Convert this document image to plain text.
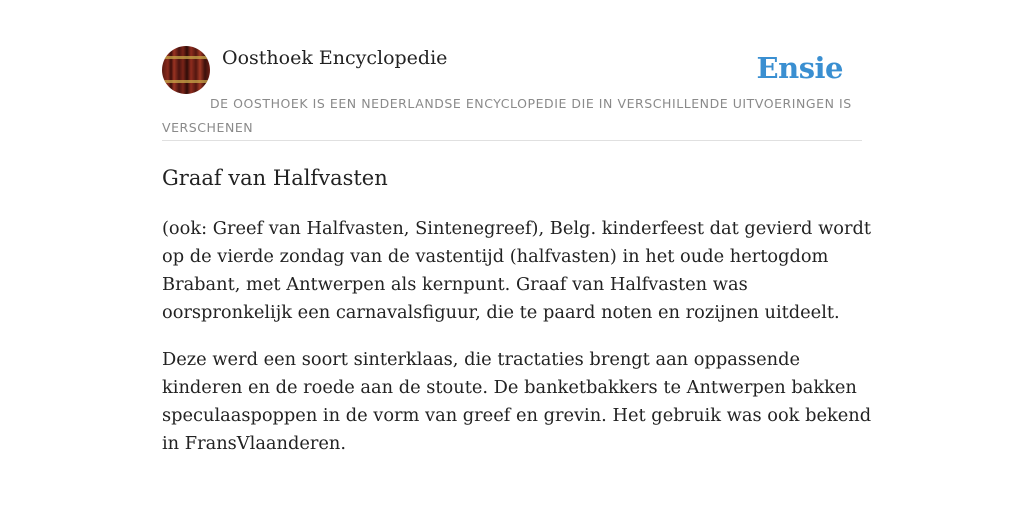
Oosthoek Encyclopedie	Ensie

DE OOSTHOEK IS EEN NEDERLANDSE ENCYCLOPEDIE DIE IN VERSCHILLENDE UITVOERINGEN IS VERSCHENEN

Graaf van Halfvasten

(ook: Greef van Halfvasten, Sintenegreef), Belg. kinderfeest dat gevierd wordt op de vierde zondag van de vastentijd (halfvasten) in het oude hertogdom Brabant, met Antwerpen als kernpunt. Graaf van Halfvasten was oorspronkelijk een carnavalsfiguur, die te paard noten en rozijnen uitdeelt.

Deze werd een soort sinterklaas, die tractaties brengt aan oppassende kinderen en de roede aan de stoute. De banketbakkers te Antwerpen bakken speculaaspoppen in de vorm van greef en grevin. Het gebruik was ook bekend in FransVlaanderen.
